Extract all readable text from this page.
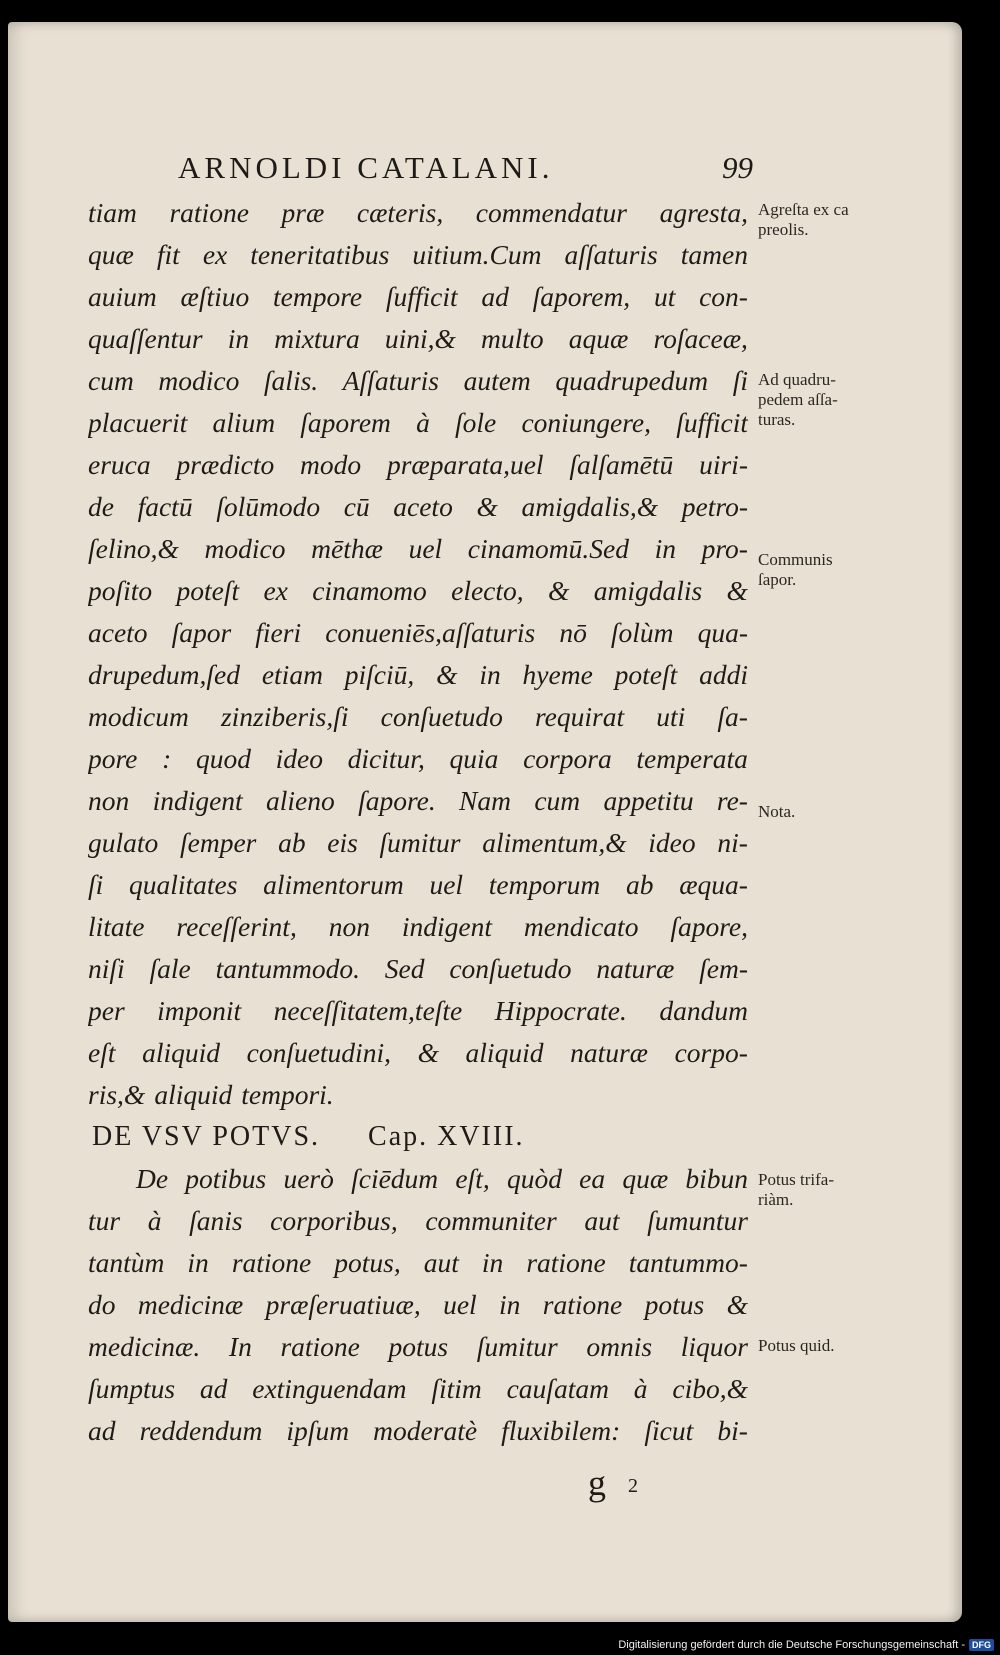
ARNOLDI CATALANI.	99
tiam ratione præ cæteris, commendatur agresta,
quæ fit ex teneritatibus uitium.Cum aſſaturis tamen
auium æſtiuo tempore ſufficit ad ſaporem, ut con-
quaſſentur in mixtura uini,& multo aquæ roſaceæ,
cum modico ſalis. Aſſaturis autem quadrupedum ſi
placuerit alium ſaporem à ſole coniungere, ſufficit
eruca prædicto modo præparata,uel ſalſamētū uiri-
de factū ſolūmodo cū aceto & amigdalis,& petro-
ſelino,& modico mēthæ uel cinamomū.Sed in pro-
poſito poteſt ex cinamomo electo, & amigdalis &
aceto ſapor fieri conueniēs,aſſaturis nō ſolùm qua-
drupedum,ſed etiam piſciū, & in hyeme poteſt addi
modicum zinziberis,ſi conſuetudo requirat uti ſa-
pore : quod ideo dicitur, quia corpora temperata
non indigent alieno ſapore. Nam cum appetitu re-
gulato ſemper ab eis ſumitur alimentum,& ideo ni-
ſi qualitates alimentorum uel temporum ab æqua-
litate receſſerint, non indigent mendicato ſapore,
niſi ſale tantummodo. Sed conſuetudo naturæ ſem-
per imponit neceſſitatem,teſte Hippocrate. dandum
eſt aliquid conſuetudini, & aliquid naturæ corpo-
ris,& aliquid tempori.
DE VSV POTVS. Cap. XVIII.
De potibus uerò ſciēdum eſt, quòd ea quæ bibun
tur à ſanis corporibus, communiter aut ſumuntur
tantùm in ratione potus, aut in ratione tantummo-
do medicinæ præſeruatiuæ, uel in ratione potus &
medicinæ. In ratione potus ſumitur omnis liquor
ſumptus ad extinguendam ſitim cauſatam à cibo,&
ad reddendum ipſum moderatè fluxibilem: ſicut bi-
Agreſta ex ca
preolis.
Ad quadru-
pedem aſſa-
turas.
Communis
ſapor.
Nota.
Potus trifa-
riàm.
Potus quid.
g 2
Digitalisierung gefördert durch die Deutsche Forschungsgemeinschaft - DFG
